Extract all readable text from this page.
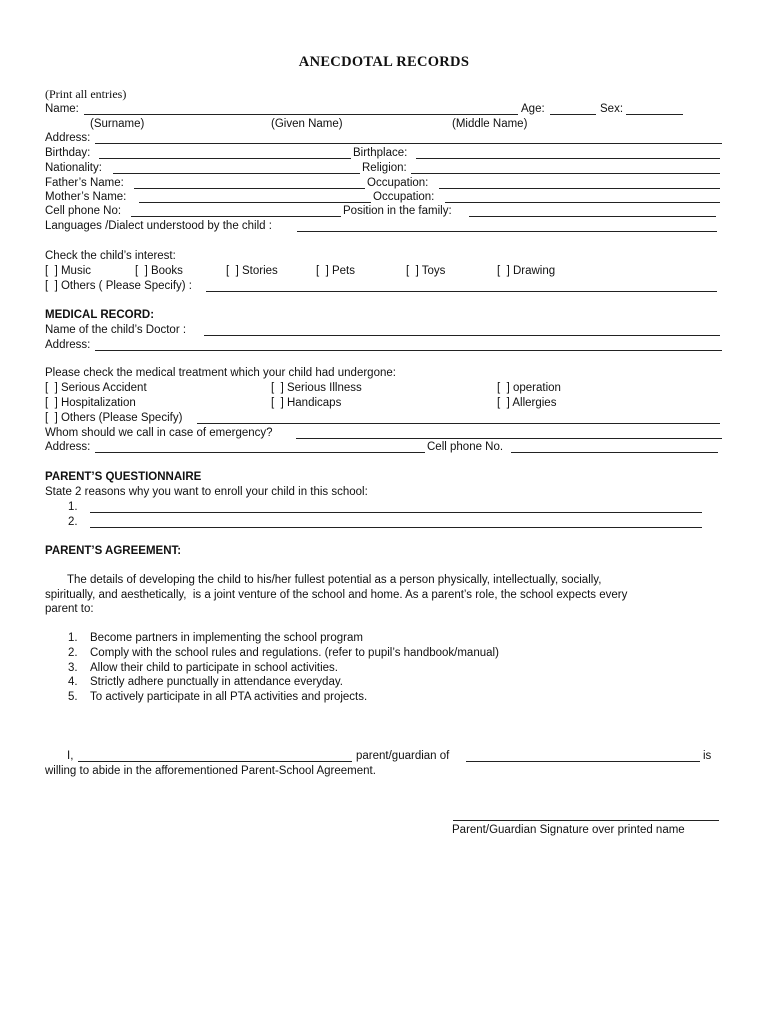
ANECDOTAL RECORDS
(Print all entries)
Name:	Age:	Sex:
(Surname)	(Given Name)	(Middle Name)
Address:
Birthday:	Birthplace:
Nationality:	Religion:
Father’s Name:	Occupation:
Mother’s Name:	Occupation:
Cell phone No:	Position in the family:
Languages /Dialect understood by the child :
Check the child’s interest:
[  ] Music	[  ] Books	[  ] Stories	[  ] Pets	[  ] Toys	[  ] Drawing
[  ] Others ( Please Specify) :
MEDICAL RECORD:
Name of the child’s Doctor :
Address:
Please check the medical treatment which your child had undergone:
[  ] Serious Accident	[  ] Serious Illness	[  ] operation
[  ] Hospitalization	[  ] Handicaps	[  ] Allergies
[  ] Others (Please Specify)
Whom should we call in case of emergency?
Address:	Cell phone No.
PARENT’S QUESTIONNAIRE
State 2 reasons why you want to enroll your child in this school:
1.
2.
PARENT’S AGREEMENT:
The details of developing the child to his/her fullest potential as a person physically, intellectually, socially,
spiritually, and aesthetically,  is a joint venture of the school and home. As a parent’s role, the school expects every
parent to:
1. Become partners in implementing the school program
2. Comply with the school rules and regulations. (refer to pupil’s handbook/manual)
3. Allow their child to participate in school activities.
4. Strictly adhere punctually in attendance everyday.
5. To actively participate in all PTA activities and projects.
I,	parent/guardian of	is
willing to abide in the afforementioned Parent-School Agreement.
Parent/Guardian Signature over printed name
